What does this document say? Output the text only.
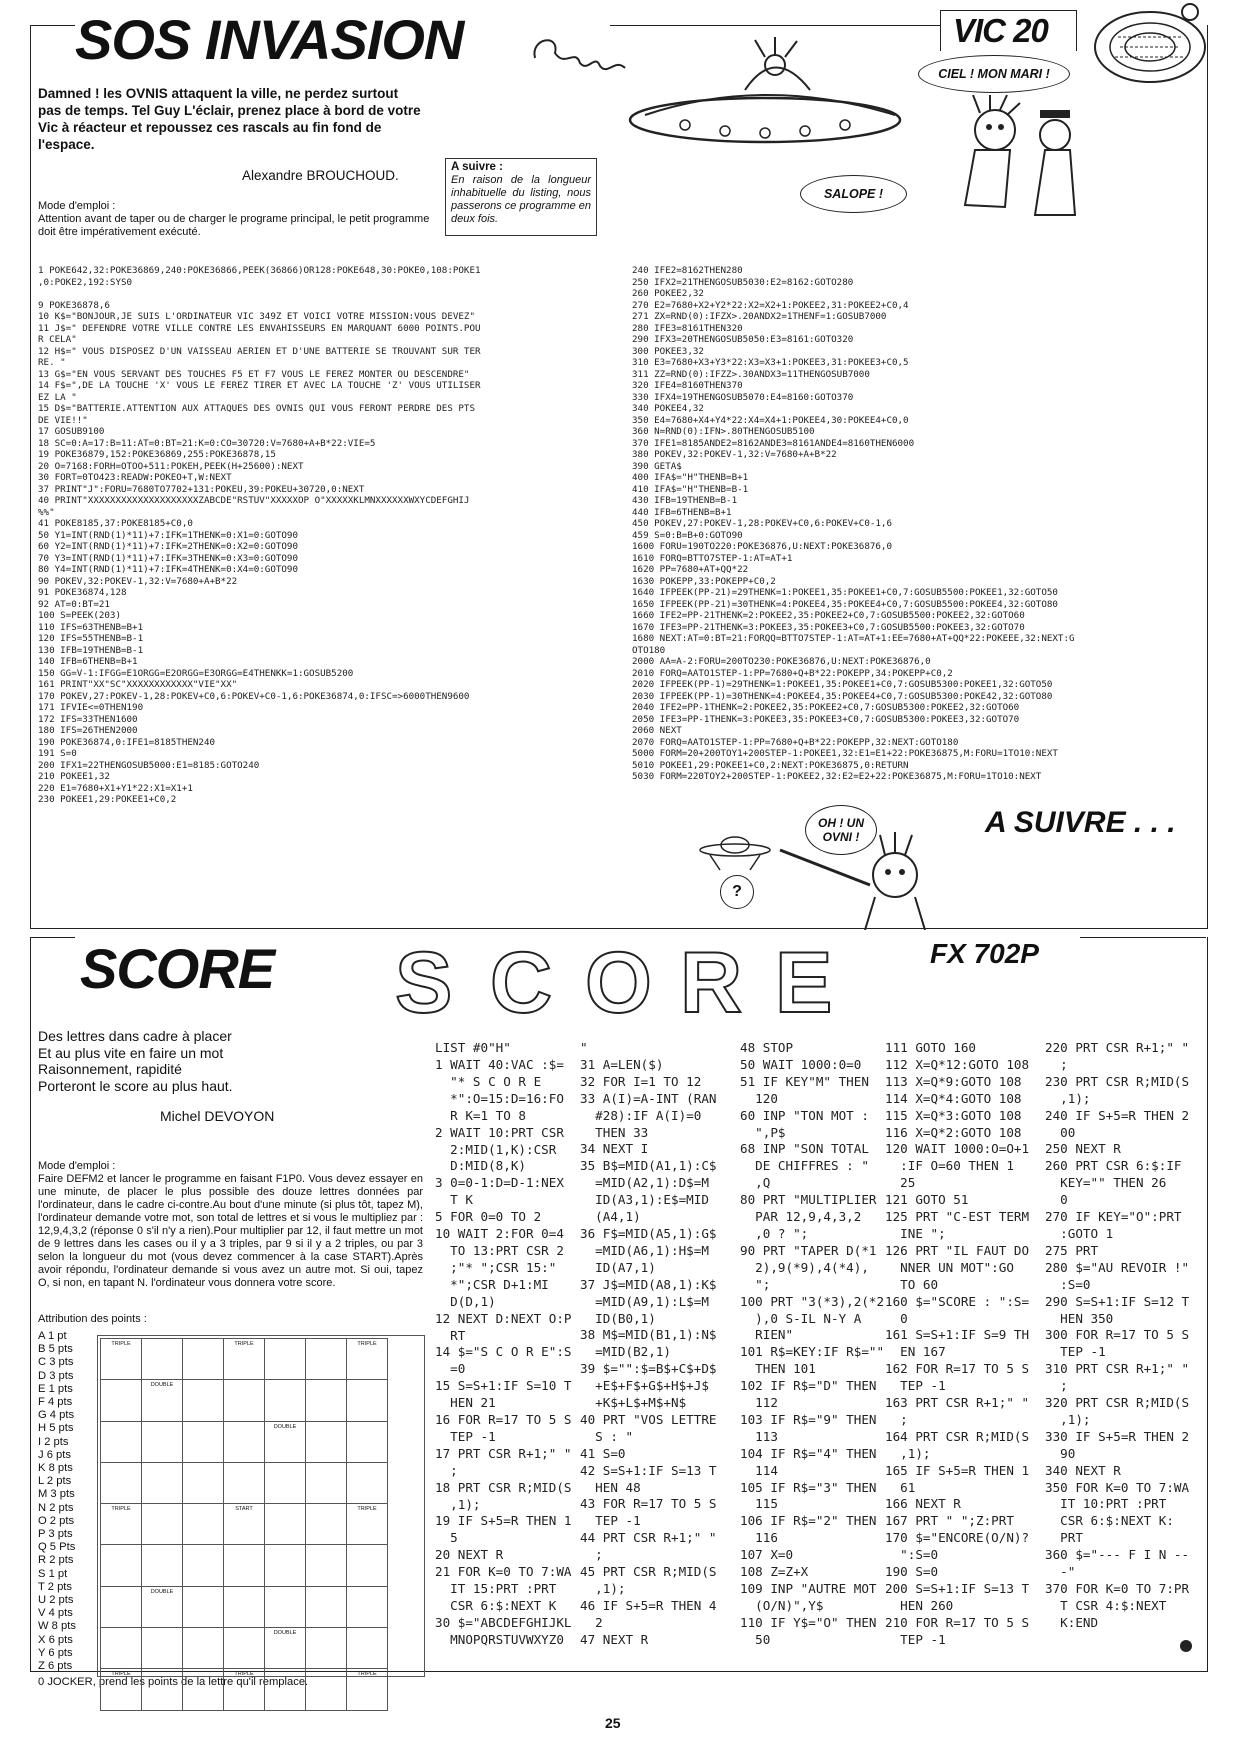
SOS INVASION	VIC 20
Damned ! les OVNIS attaquent la ville, ne perdez surtout pas de temps. Tel Guy L'éclair, prenez place à bord de votre Vic à réacteur et repoussez ces rascals au fin fond de l'espace.
Alexandre BROUCHOUD.
Mode d'emploi :
Attention avant de taper ou de charger le programe principal, le petit programme doit être impérativement exécuté.
A suivre :
En raison de la longueur inhabituelle du listing, nous passerons ce programme en deux fois.
CIEL ! MON MARI !
SALOPE !
1 POKE642,32:POKE36869,240:POKE36866,PEEK(36866)OR128:POKE648,30:POKE0,108:POKE1
,0:POKE2,192:SYS0

9 POKE36878,6
10 K$="BONJOUR,JE SUIS L'ORDINATEUR VIC 349Z ET VOICI VOTRE MISSION:VOUS DEVEZ"
11 J$=" DEFENDRE VOTRE VILLE CONTRE LES ENVAHISSEURS EN MARQUANT 6000 POINTS.POU
R CELA"
12 H$=" VOUS DISPOSEZ D'UN VAISSEAU AERIEN ET D'UNE BATTERIE SE TROUVANT SUR TER
RE. "
13 G$="EN VOUS SERVANT DES TOUCHES F5 ET F7 VOUS LE FEREZ MONTER OU DESCENDRE"
14 F$=",DE LA TOUCHE 'X' VOUS LE FEREZ TIRER ET AVEC LA TOUCHE 'Z' VOUS UTILISER
EZ LA "
15 D$="BATTERIE.ATTENTION AUX ATTAQUES DES OVNIS QUI VOUS FERONT PERDRE DES PTS
DE VIE!!"
17 GOSUB9100
18 SC=0:A=17:B=11:AT=0:BT=21:K=0:CO=30720:V=7680+A+B*22:VIE=5
19 POKE36879,152:POKE36869,255:POKE36878,15
20 O=7168:FORH=OTOO+511:POKEH,PEEK(H+25600):NEXT
30 FORT=0TO423:READW:POKEO+T,W:NEXT
37 PRINT"J":FORU=7680TO7702+131:POKEU,39:POKEU+30720,0:NEXT
40 PRINT"XXXXXXXXXXXXXXXXXXXXZABCDE"RSTUV"XXXXXOP O"XXXXXKLMNXXXXXXWXYCDEFGHIJ
%%"
41 POKE8185,37:POKE8185+C0,0
50 Y1=INT(RND(1)*11)+7:IFK=1THENK=0:X1=0:GOTO90
60 Y2=INT(RND(1)*11)+7:IFK=2THENK=0:X2=0:GOTO90
70 Y3=INT(RND(1)*11)+7:IFK=3THENK=0:X3=0:GOTO90
80 Y4=INT(RND(1)*11)+7:IFK=4THENK=0:X4=0:GOTO90
90 POKEV,32:POKEV-1,32:V=7680+A+B*22
91 POKE36874,128
92 AT=0:BT=21
100 S=PEEK(203)
110 IFS=63THENB=B+1
120 IFS=55THENB=B-1
130 IFB=19THENB=B-1
140 IFB=6THENB=B+1
150 GG=V-1:IFGG=E1ORGG=E2ORGG=E3ORGG=E4THENKK=1:GOSUB5200
161 PRINT"XX"SC"XXXXXXXXXXXX"VIE"XX"
170 POKEV,27:POKEV-1,28:POKEV+C0,6:POKEV+C0-1,6:POKE36874,0:IFSC=>6000THEN9600
171 IFVIE<=0THEN190
172 IFS=33THEN1600
180 IFS=26THEN2000
190 POKE36874,0:IFE1=8185THEN240
191 S=0
200 IFX1=22THENGOSUB5000:E1=8185:GOTO240
210 POKEE1,32
220 E1=7680+X1+Y1*22:X1=X1+1
230 POKEE1,29:POKEE1+C0,2
240 IFE2=8162THEN280
250 IFX2=21THENGOSUB5030:E2=8162:GOTO280
260 POKEE2,32
270 E2=7680+X2+Y2*22:X2=X2+1:POKEE2,31:POKEE2+C0,4
271 ZX=RND(0):IFZX>.20ANDX2=1THENF=1:GOSUB7000
280 IFE3=8161THEN320
290 IFX3=20THENGOSUB5050:E3=8161:GOTO320
300 POKEE3,32
310 E3=7680+X3+Y3*22:X3=X3+1:POKEE3,31:POKEE3+C0,5
311 ZZ=RND(0):IFZZ>.30ANDX3=11THENGOSUB7000
320 IFE4=8160THEN370
330 IFX4=19THENGOSUB5070:E4=8160:GOTO370
340 POKEE4,32
350 E4=7680+X4+Y4*22:X4=X4+1:POKEE4,30:POKEE4+C0,0
360 N=RND(0):IFN>.80THENGOSUB5100
370 IFE1=8185ANDE2=8162ANDE3=8161ANDE4=8160THEN6000
380 POKEV,32:POKEV-1,32:V=7680+A+B*22
390 GETA$
400 IFA$="H"THENB=B+1
410 IFA$="H"THENB=B-1
430 IFB=19THENB=B-1
440 IFB=6THENB=B+1
450 POKEV,27:POKEV-1,28:POKEV+C0,6:POKEV+C0-1,6
459 S=0:B=B+0:GOTO90
1600 FORU=190TO220:POKE36876,U:NEXT:POKE36876,0
1610 FORQ=BTTO7STEP-1:AT=AT+1
1620 PP=7680+AT+QQ*22
1630 POKEPP,33:POKEPP+C0,2
1640 IFPEEK(PP-21)=29THENK=1:POKEE1,35:POKEE1+C0,7:GOSUB5500:POKEE1,32:GOTO50
1650 IFPEEK(PP-21)=30THENK=4:POKEE4,35:POKEE4+C0,7:GOSUB5500:POKEE4,32:GOTO80
1660 IFE2=PP-21THENK=2:POKEE2,35:POKEE2+C0,7:GOSUB5500:POKEE2,32:GOTO60
1670 IFE3=PP-21THENK=3:POKEE3,35:POKEE3+C0,7:GOSUB5500:POKEE3,32:GOTO70
1680 NEXT:AT=0:BT=21:FORQQ=BTTO7STEP-1:AT=AT+1:EE=7680+AT+QQ*22:POKEEE,32:NEXT:G
OTO180
2000 AA=A-2:FORU=200TO230:POKE36876,U:NEXT:POKE36876,0
2010 FORQ=AATO1STEP-1:PP=7680+Q+B*22:POKEPP,34:POKEPP+C0,2
2020 IFPEEK(PP-1)=29THENK=1:POKEE1,35:POKEE1+C0,7:GOSUB5300:POKEE1,32:GOTO50
2030 IFPEEK(PP-1)=30THENK=4:POKEE4,35:POKEE4+C0,7:GOSUB5300:POKE42,32:GOTO80
2040 IFE2=PP-1THENK=2:POKEE2,35:POKEE2+C0,7:GOSUB5300:POKEE2,32:GOTO60
2050 IFE3=PP-1THENK=3:POKEE3,35:POKEE3+C0,7:GOSUB5300:POKEE3,32:GOTO70
2060 NEXT
2070 FORQ=AATO1STEP-1:PP=7680+Q+B*22:POKEPP,32:NEXT:GOTO180
5000 FORM=20+200TOY1+200STEP-1:POKEE1,32:E1=E1+22:POKE36875,M:FORU=1TO10:NEXT
5010 POKEE1,29:POKEE1+C0,2:NEXT:POKE36875,0:RETURN
5030 FORM=220TOY2+200STEP-1:POKEE2,32:E2=E2+22:POKE36875,M:FORU=1TO10:NEXT
A SUIVRE . . .
OH ! UN OVNI !
?
SCORE	FX 702P
S C O R E
Des lettres dans cadre à placer
Et au plus vite en faire un mot
Raisonnement, rapidité
Porteront le score au plus haut.
Michel DEVOYON
Mode d'emploi :
Faire DEFM2 et lancer le programme en faisant F1P0. Vous devez essayer en une minute, de placer le plus possible des douze lettres données par l'ordinateur, dans le cadre ci-contre.Au bout d'une minute (si plus tôt, tapez M), l'ordinateur demande votre mot, son total de lettres et si vous le multipliez par : 12,9,4,3,2 (réponse 0 s'il n'y a rien).Pour multiplier par 12, il faut mettre un mot de 9 lettres dans les cases ou il y a 3 triples, par 9 si il y a 2 triples, ou par 3 selon la longueur du mot (vous devez commencer à la case START).Après avoir répondu, l'ordinateur demande si vous avez un autre mot. Si oui, tapez O, si non, en tapant N. l'ordinateur vous donnera votre score.
Attribution des points :
A 1 pt
B 5 pts
C 3 pts
D 3 pts
E 1 pts
F 4 pts
G 4 pts
H 5 pts
I 2 pts
J 6 pts
K 8 pts
L 2 pts
M 3 pts
N 2 pts
O 2 pts
P 3 pts
Q 5 Pts
R 2 pts
S 1 pt
T 2 pts
U 2 pts
V 4 pts
W 8 pts
X 6 pts
Y 6 pts
Z 6 pts
0 JOCKER, prend les points de la lettre qu'il remplace.
TRIPLE			TRIPLE			TRIPLE
	DOUBLE					
				DOUBLE		

TRIPLE			START			TRIPLE

	DOUBLE					
				DOUBLE		
TRIPLE			TRIPLE			TRIPLE
LIST #0"H"
1 WAIT 40:VAC :$=
"* S C O R E
*":O=15:D=16:FO
R K=1 TO 8
2 WAIT 10:PRT CSR
2:MID(1,K):CSR
D:MID(8,K)
3 0=0-1:D=D-1:NEX
T K
5 FOR 0=0 TO 2
10 WAIT 2:FOR 0=4
TO 13:PRT CSR 2
;"* ";CSR 15:"
*";CSR D+1:MI
D(D,1)
12 NEXT D:NEXT O:P
RT
14 $="S C O R E":S
=0
15 S=S+1:IF S=10 T
HEN 21
16 FOR R=17 TO 5 S
TEP -1
17 PRT CSR R+1;" "
;
18 PRT CSR R;MID(S
,1);
19 IF S+5=R THEN 1
5
20 NEXT R
21 FOR K=0 TO 7:WA
IT 15:PRT :PRT
CSR 6:$:NEXT K
30 $="ABCDEFGHIJKL
MNOPQRSTUVWXYZ0
"
31 A=LEN($)
32 FOR I=1 TO 12
33 A(I)=A-INT (RAN
#28):IF A(I)=0
THEN 33
34 NEXT I
35 B$=MID(A1,1):C$
=MID(A2,1):D$=M
ID(A3,1):E$=MID
(A4,1)
36 F$=MID(A5,1):G$
=MID(A6,1):H$=M
ID(A7,1)
37 J$=MID(A8,1):K$
=MID(A9,1):L$=M
ID(B0,1)
38 M$=MID(B1,1):N$
=MID(B2,1)
39 $="":$=B$+C$+D$
+E$+F$+G$+H$+J$
+K$+L$+M$+N$
40 PRT "VOS LETTRE
S : "
41 S=0
42 S=S+1:IF S=13 T
HEN 48
43 FOR R=17 TO 5 S
TEP -1
44 PRT CSR R+1;" "
;
45 PRT CSR R;MID(S
,1);
46 IF S+5=R THEN 4
2
47 NEXT R
48 STOP
50 WAIT 1000:0=0
51 IF KEY"M" THEN
120
60 INP "TON MOT :
",P$
68 INP "SON TOTAL
DE CHIFFRES : "
,Q
80 PRT "MULTIPLIER
PAR 12,9,4,3,2
,0 ? ";
90 PRT "TAPER D(*1
2),9(*9),4(*4),
";
100 PRT "3(*3),2(*2
),0 S-IL N-Y A
RIEN"
101 R$=KEY:IF R$=""
THEN 101
102 IF R$="D" THEN
112
103 IF R$="9" THEN
113
104 IF R$="4" THEN
114
105 IF R$="3" THEN
115
106 IF R$="2" THEN
116
107 X=0
108 Z=Z+X
109 INP "AUTRE MOT
(O/N)",Y$
110 IF Y$="O" THEN
50
111 GOTO 160
112 X=Q*12:GOTO 108
113 X=Q*9:GOTO 108
114 X=Q*4:GOTO 108
115 X=Q*3:GOTO 108
116 X=Q*2:GOTO 108
120 WAIT 1000:O=O+1
:IF O=60 THEN 1
25
121 GOTO 51
125 PRT "C-EST TERM
INE ";
126 PRT "IL FAUT DO
NNER UN MOT":GO
TO 60
160 $="SCORE : ":S=
0
161 S=S+1:IF S=9 TH
EN 167
162 FOR R=17 TO 5 S
TEP -1
163 PRT CSR R+1;" "
;
164 PRT CSR R;MID(S
,1);
165 IF S+5=R THEN 1
61
166 NEXT R
167 PRT " ";Z:PRT
170 $="ENCORE(O/N)?
":S=0
190 S=0
200 S=S+1:IF S=13 T
HEN 260
210 FOR R=17 TO 5 S
TEP -1
220 PRT CSR R+1;" "
;
230 PRT CSR R;MID(S
,1);
240 IF S+5=R THEN 2
00
250 NEXT R
260 PRT CSR 6:$:IF
KEY="" THEN 26
0
270 IF KEY="O":PRT
:GOTO 1
275 PRT
280 $="AU REVOIR !"
:S=0
290 S=S+1:IF S=12 T
HEN 350
300 FOR R=17 TO 5 S
TEP -1
310 PRT CSR R+1;" "
;
320 PRT CSR R;MID(S
,1);
330 IF S+5=R THEN 2
90
340 NEXT R
350 FOR K=0 TO 7:WA
IT 10:PRT :PRT
CSR 6:$:NEXT K:
PRT
360 $="--- F I N --
-"
370 FOR K=0 TO 7:PR
T CSR 4:$:NEXT
K:END
25
